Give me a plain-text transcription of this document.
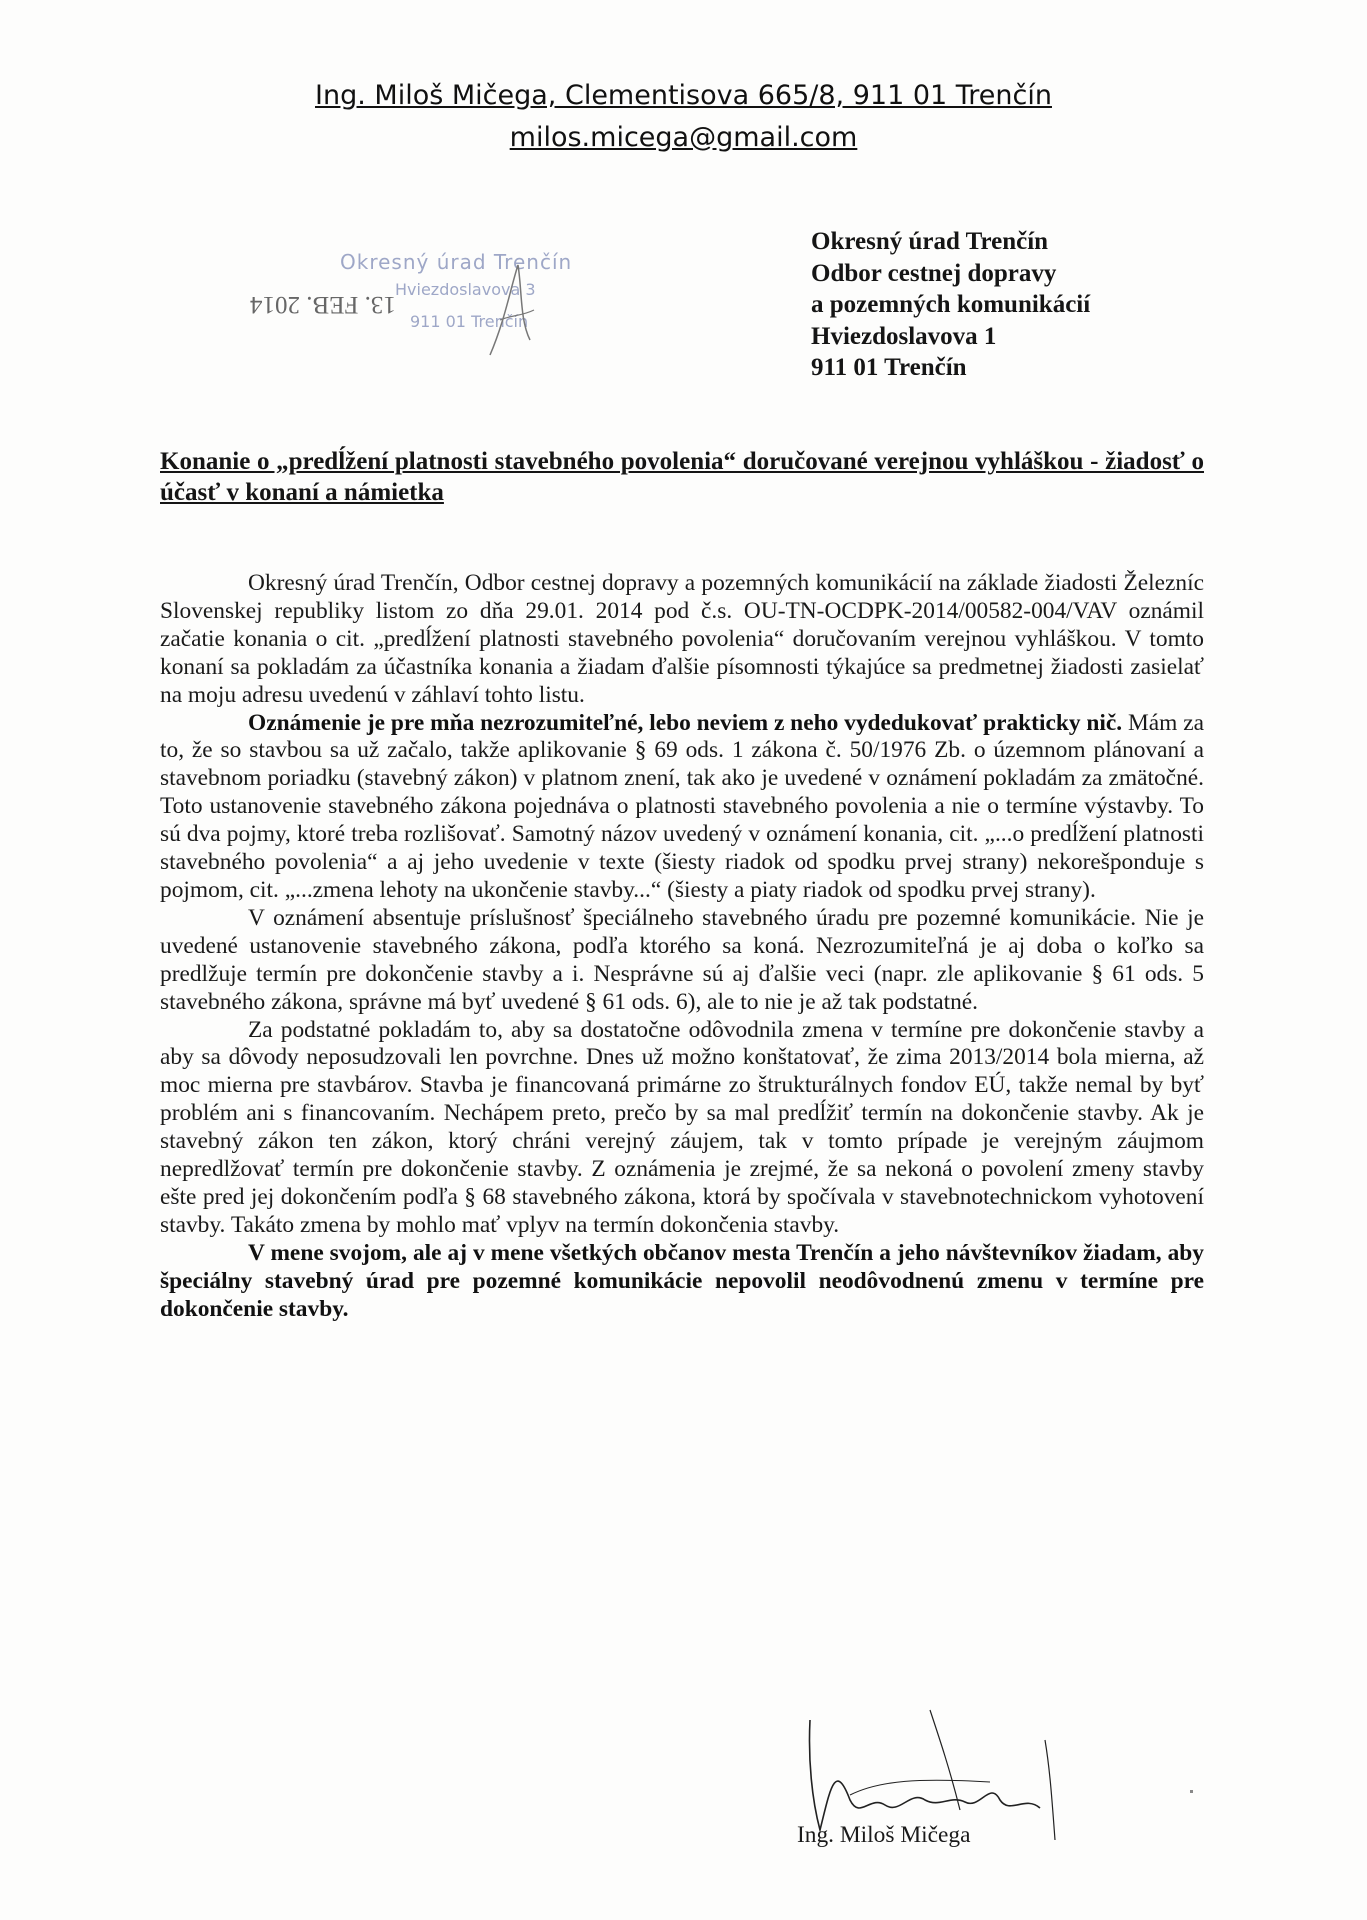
Ing. Miloš Mičega, Clementisova 665/8, 911 01 Trenčín
milos.micega@gmail.com
Okresný úrad Trenčín
Hviezdoslavova 3
911 01 Trenčín
13. FEB. 2014
Okresný úrad Trenčín
Odbor cestnej dopravy
a pozemných komunikácií
Hviezdoslavova 1
911 01 Trenčín
Konanie o „predĺžení platnosti stavebného povolenia“ doručované verejnou vyhláškou - žiadosť o účasť v konaní a námietka

Okresný úrad Trenčín, Odbor cestnej dopravy a pozemných komunikácií na základe žiadosti Železníc Slovenskej republiky listom zo dňa 29.01. 2014 pod č.s. OU-TN-OCDPK-2014/00582-004/VAV oznámil začatie konania o cit. „predĺžení platnosti stavebného povolenia“ doručovaním verejnou vyhláškou. V tomto konaní sa pokladám za účastníka konania a žiadam ďalšie písomnosti týkajúce sa predmetnej žiadosti zasielať na moju adresu uvedenú v záhlaví tohto listu.

Oznámenie je pre mňa nezrozumiteľné, lebo neviem z neho vydedukovať prakticky nič. Mám za to, že so stavbou sa už začalo, takže aplikovanie § 69 ods. 1 zákona č. 50/1976 Zb. o územnom plánovaní a stavebnom poriadku (stavebný zákon) v platnom znení, tak ako je uvedené v oznámení pokladám za zmätočné. Toto ustanovenie stavebného zákona pojednáva o platnosti stavebného povolenia a nie o termíne výstavby. To sú dva pojmy, ktoré treba rozlišovať. Samotný názov uvedený v oznámení konania, cit. „...o predĺžení platnosti stavebného povolenia“ a aj jeho uvedenie v texte (šiesty riadok od spodku prvej strany) nekorešponduje s pojmom, cit. „...zmena lehoty na ukončenie stavby...“ (šiesty a piaty riadok od spodku prvej strany).

V oznámení absentuje príslušnosť špeciálneho stavebného úradu pre pozemné komunikácie. Nie je uvedené ustanovenie stavebného zákona, podľa ktorého sa koná. Nezrozumiteľná je aj doba o koľko sa predlžuje termín pre dokončenie stavby a i. Nesprávne sú aj ďalšie veci (napr. zle aplikovanie § 61 ods. 5 stavebného zákona, správne má byť uvedené § 61 ods. 6), ale to nie je až tak podstatné.

Za podstatné pokladám to, aby sa dostatočne odôvodnila zmena v termíne pre dokončenie stavby a aby sa dôvody neposudzovali len povrchne. Dnes už možno konštatovať, že zima 2013/2014 bola mierna, až moc mierna pre stavbárov. Stavba je financovaná primárne zo štrukturálnych fondov EÚ, takže nemal by byť problém ani s financovaním. Nechápem preto, prečo by sa mal predĺžiť termín na dokončenie stavby. Ak je stavebný zákon ten zákon, ktorý chráni verejný záujem, tak v tomto prípade je verejným záujmom nepredlžovať termín pre dokončenie stavby. Z oznámenia je zrejmé, že sa nekoná o povolení zmeny stavby ešte pred jej dokončením podľa § 68 stavebného zákona, ktorá by spočívala v stavebnotechnickom vyhotovení stavby. Takáto zmena by mohlo mať vplyv na termín dokončenia stavby.

V mene svojom, ale aj v mene všetkých občanov mesta Trenčín a jeho návštevníkov žiadam, aby špeciálny stavebný úrad pre pozemné komunikácie nepovolil neodôvodnenú zmenu v termíne pre dokončenie stavby.

Ing. Miloš Mičega
